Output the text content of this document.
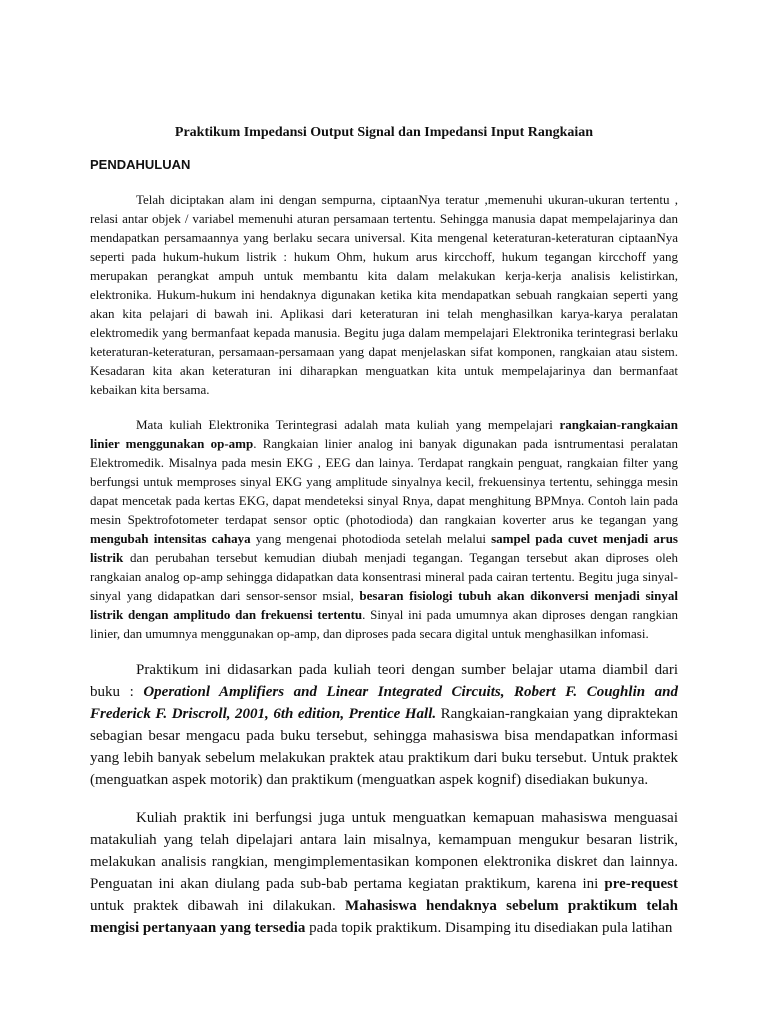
Praktikum Impedansi Output Signal dan Impedansi Input Rangkaian
PENDAHULUAN

Telah diciptakan alam ini dengan sempurna, ciptaanNya teratur ,memenuhi ukuran-ukuran tertentu , relasi antar objek / variabel memenuhi aturan persamaan tertentu. Sehingga manusia dapat mempelajarinya dan mendapatkan persamaannya yang berlaku secara universal. Kita mengenal keteraturan-keteraturan ciptaanNya seperti pada hukum-hukum listrik : hukum Ohm, hukum arus kircchoff, hukum tegangan kircchoff yang merupakan perangkat ampuh untuk membantu kita dalam melakukan kerja-kerja analisis kelistirkan, elektronika. Hukum-hukum ini hendaknya digunakan ketika kita mendapatkan sebuah rangkaian seperti yang akan kita pelajari di bawah ini. Aplikasi dari keteraturan ini telah menghasilkan karya-karya peralatan elektromedik yang bermanfaat kepada manusia. Begitu juga dalam mempelajari Elektronika terintegrasi berlaku keteraturan-keteraturan, persamaan-persamaan yang dapat menjelaskan sifat komponen, rangkaian atau sistem. Kesadaran kita akan keteraturan ini diharapkan menguatkan kita untuk mempelajarinya dan bermanfaat kebaikan kita bersama.

Mata kuliah Elektronika Terintegrasi adalah mata kuliah yang mempelajari rangkaian-rangkaian linier menggunakan op-amp. Rangkaian linier analog ini banyak digunakan pada isntrumentasi peralatan Elektromedik. Misalnya pada mesin EKG , EEG dan lainya. Terdapat rangkain penguat, rangkaian filter yang berfungsi untuk memproses sinyal EKG yang amplitude sinyalnya kecil, frekuensinya tertentu, sehingga mesin dapat mencetak pada kertas EKG, dapat mendeteksi sinyal Rnya, dapat menghitung BPMnya. Contoh lain pada mesin Spektrofotometer terdapat sensor optic (photodioda) dan rangkaian koverter arus ke tegangan yang mengubah intensitas cahaya yang mengenai photodioda setelah melalui sampel pada cuvet menjadi arus listrik dan perubahan tersebut kemudian diubah menjadi tegangan. Tegangan tersebut akan diproses oleh rangkaian analog op-amp sehingga didapatkan data konsentrasi mineral pada cairan tertentu. Begitu juga sinyal-sinyal yang didapatkan dari sensor-sensor msial, besaran fisiologi tubuh akan dikonversi menjadi sinyal listrik dengan amplitudo dan frekuensi tertentu. Sinyal ini pada umumnya akan diproses dengan rangkian linier, dan umumnya menggunakan op-amp, dan diproses pada secara digital untuk menghasilkan infomasi.

Praktikum ini didasarkan pada kuliah teori dengan sumber belajar utama diambil dari buku : Operationl Amplifiers and Linear Integrated Circuits, Robert F. Coughlin and Frederick F. Driscroll, 2001, 6th edition, Prentice Hall. Rangkaian-rangkaian yang dipraktekan sebagian besar mengacu pada buku tersebut, sehingga mahasiswa bisa mendapatkan informasi yang lebih banyak sebelum melakukan praktek atau praktikum dari buku tersebut. Untuk praktek (menguatkan aspek motorik) dan praktikum (menguatkan aspek kognif) disediakan bukunya.

Kuliah praktik ini berfungsi juga untuk menguatkan kemapuan mahasiswa menguasai matakuliah yang telah dipelajari antara lain misalnya, kemampuan mengukur besaran listrik, melakukan analisis rangkian, mengimplementasikan komponen elektronika diskret dan lainnya. Penguatan ini akan diulang pada sub-bab pertama kegiatan praktikum, karena ini pre-request untuk praktek dibawah ini dilakukan. Mahasiswa hendaknya sebelum praktikum telah mengisi pertanyaan yang tersedia pada topik praktikum. Disamping itu disediakan pula latihan
